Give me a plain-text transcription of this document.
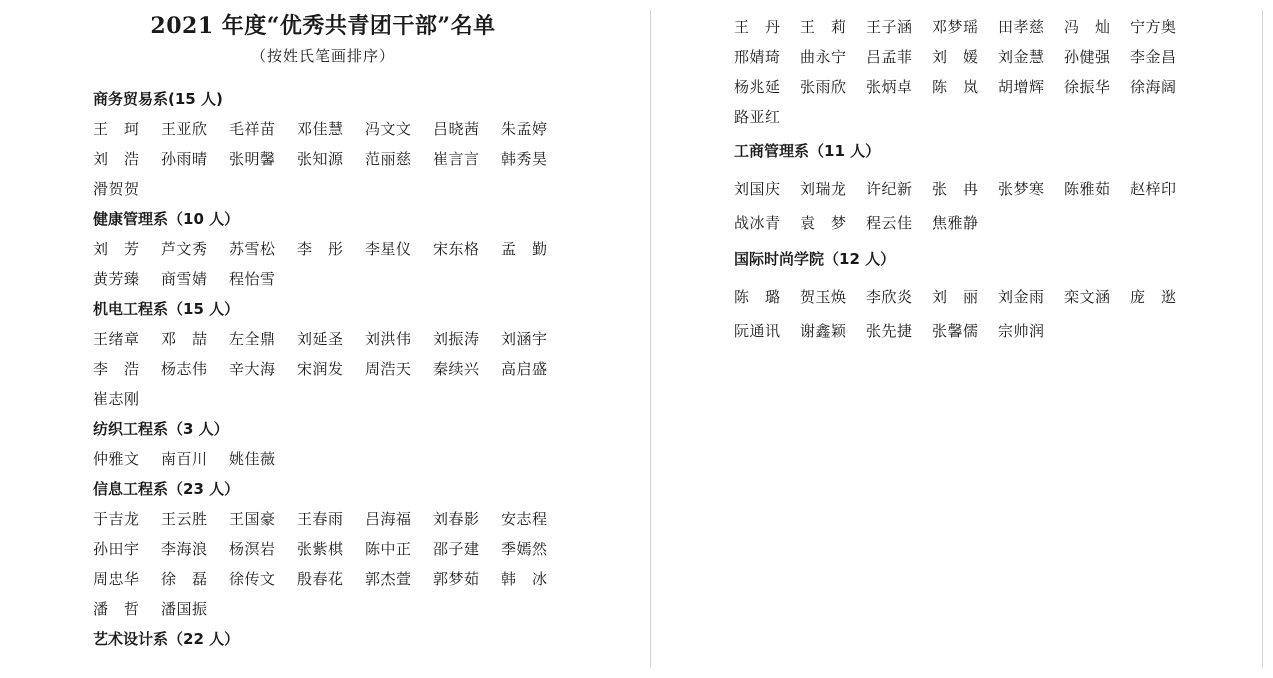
2021 年度“优秀共青团干部”名单
（按姓氏笔画排序）
商务贸易系(15 人)
王　珂	王亚欣	毛祥苗	邓佳慧	冯文文	吕晓茜	朱孟婷
刘　浩	孙雨晴	张明馨	张知源	范丽慈	崔言言	韩秀昊
滑贺贺
健康管理系（10 人）
刘　芳	芦文秀	苏雪松	李　彤	李星仪	宋东格	孟　勤
黄芳臻	商雪婧	程怡雪
机电工程系（15 人）
王绪章	邓　喆	左全鼎	刘延圣	刘洪伟	刘振涛	刘涵宇
李　浩	杨志伟	辛大海	宋润发	周浩天	秦续兴	高启盛
崔志刚
纺织工程系（3 人）
仲雅文	南百川	姚佳薇
信息工程系（23 人）
于吉龙	王云胜	王国豪	王春雨	吕海福	刘春影	安志程
孙田宇	李海浪	杨溟岩	张紫棋	陈中正	邵子建	季嫣然
周忠华	徐　磊	徐传文	殷春花	郭杰萱	郭梦茹	韩　冰
潘　哲	潘国振
艺术设计系（22 人）
王　丹	王　莉	王子涵	邓梦瑶	田孝慈	冯　灿	宁方奥
邢婧琦	曲永宁	吕孟菲	刘　媛	刘金慧	孙健强	李金昌
杨兆延	张雨欣	张炳卓	陈　岚	胡增辉	徐振华	徐海阔
路亚红
工商管理系（11 人）
刘国庆	刘瑞龙	许纪新	张　冉	张梦寒	陈雅茹	赵梓印
战冰青	袁　梦	程云佳	焦雅静
国际时尚学院（12 人）
陈　璐	贺玉焕	李欣炎	刘　丽	刘金雨	栾文涵	庞　逖
阮通讯	谢鑫颖	张先捷	张馨儒	宗帅润
